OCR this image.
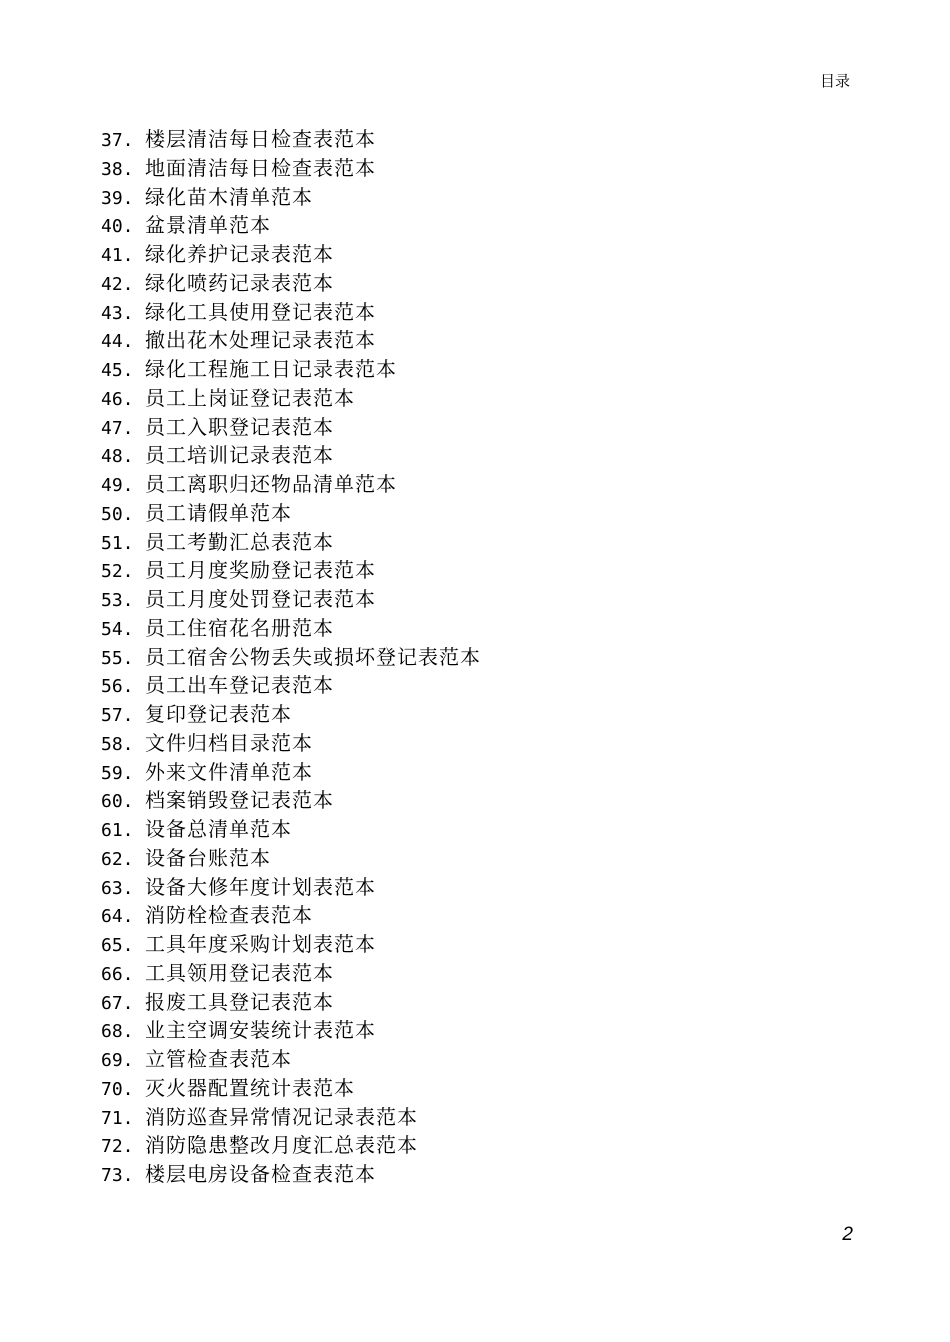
目录
37. 楼层清洁每日检查表范本
38. 地面清洁每日检查表范本
39. 绿化苗木清单范本
40. 盆景清单范本
41. 绿化养护记录表范本
42. 绿化喷药记录表范本
43. 绿化工具使用登记表范本
44. 撤出花木处理记录表范本
45. 绿化工程施工日记录表范本
46. 员工上岗证登记表范本
47. 员工入职登记表范本
48. 员工培训记录表范本
49. 员工离职归还物品清单范本
50. 员工请假单范本
51. 员工考勤汇总表范本
52. 员工月度奖励登记表范本
53. 员工月度处罚登记表范本
54. 员工住宿花名册范本
55. 员工宿舍公物丢失或损坏登记表范本
56. 员工出车登记表范本
57. 复印登记表范本
58. 文件归档目录范本
59. 外来文件清单范本
60. 档案销毁登记表范本
61. 设备总清单范本
62. 设备台账范本
63. 设备大修年度计划表范本
64. 消防栓检查表范本
65. 工具年度采购计划表范本
66. 工具领用登记表范本
67. 报废工具登记表范本
68. 业主空调安装统计表范本
69. 立管检查表范本
70. 灭火器配置统计表范本
71. 消防巡查异常情况记录表范本
72. 消防隐患整改月度汇总表范本
73. 楼层电房设备检查表范本
2
